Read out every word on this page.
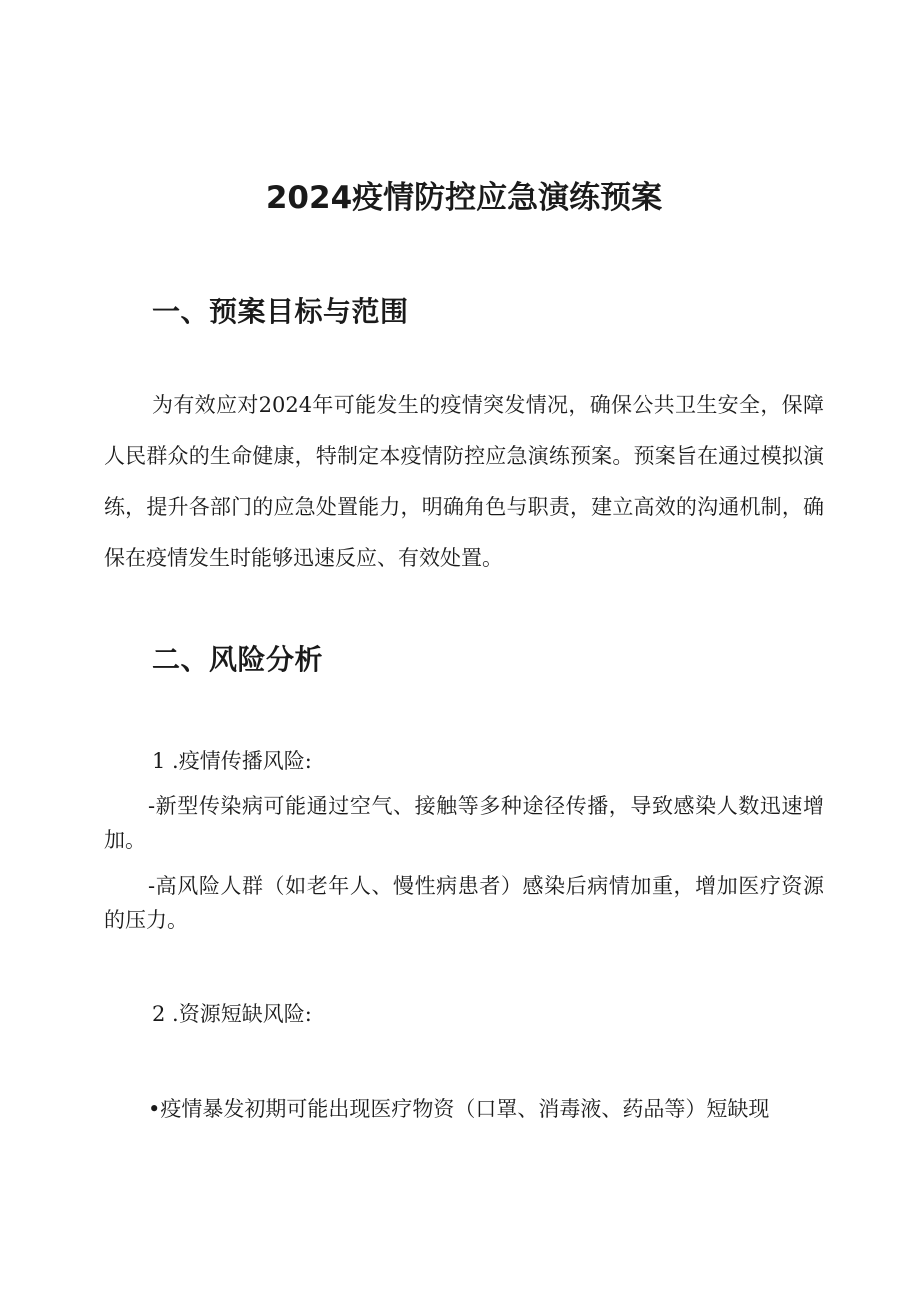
2024疫情防控应急演练预案
一、预案目标与范围

为有效应对2024年可能发生的疫情突发情况，确保公共卫生安全，保障人民群众的生命健康，特制定本疫情防控应急演练预案。预案旨在通过模拟演练，提升各部门的应急处置能力，明确角色与职责，建立高效的沟通机制，确保在疫情发生时能够迅速反应、有效处置。

二、风险分析

1 .疫情传播风险:

-新型传染病可能通过空气、接触等多种途径传播，导致感染人数迅速增加。

-高风险人群（如老年人、慢性病患者）感染后病情加重，增加医疗资源的压力。

2 .资源短缺风险:

•疫情暴发初期可能出现医疗物资（口罩、消毒液、药品等）短缺现
